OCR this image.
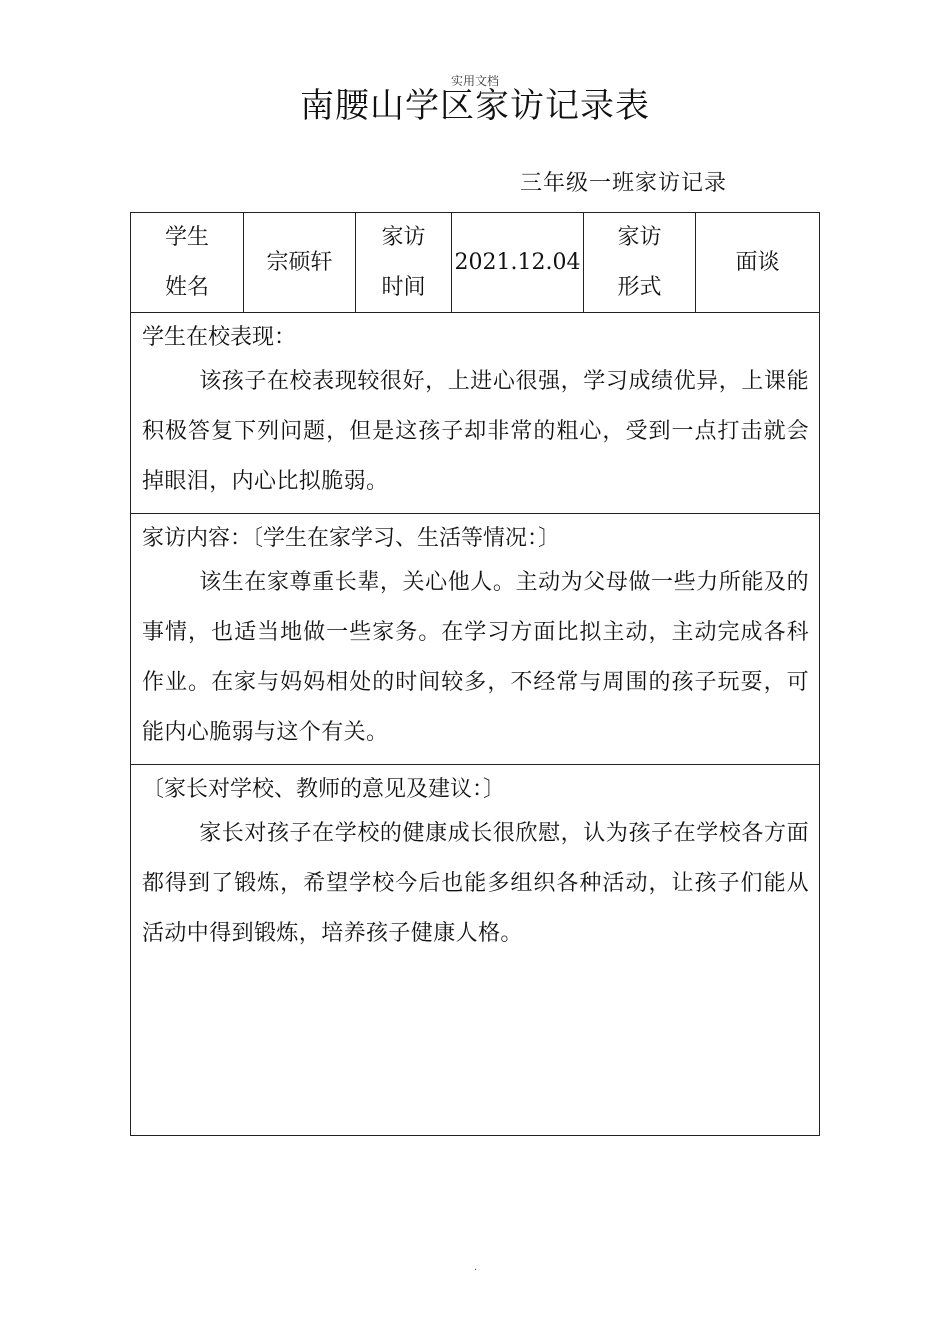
实用文档
南腰山学区家访记录表
三年级一班家访记录
学生姓名
宗硕轩
家访时间
2021.12.04
家访形式
面谈
学生在校表现：
该孩子在校表现较很好，上进心很强，学习成绩优异，上课能积极答复下列问题，但是这孩子却非常的粗心，受到一点打击就会掉眼泪，内心比拟脆弱。
家访内容：〔学生在家学习、生活等情况：〕
该生在家尊重长辈，关心他人。主动为父母做一些力所能及的事情，也适当地做一些家务。在学习方面比拟主动，主动完成各科作业。在家与妈妈相处的时间较多，不经常与周围的孩子玩耍，可能内心脆弱与这个有关。
〔家长对学校、教师的意见及建议：〕
家长对孩子在学校的健康成长很欣慰，认为孩子在学校各方面都得到了锻炼，希望学校今后也能多组织各种活动，让孩子们能从活动中得到锻炼，培养孩子健康人格。
.
